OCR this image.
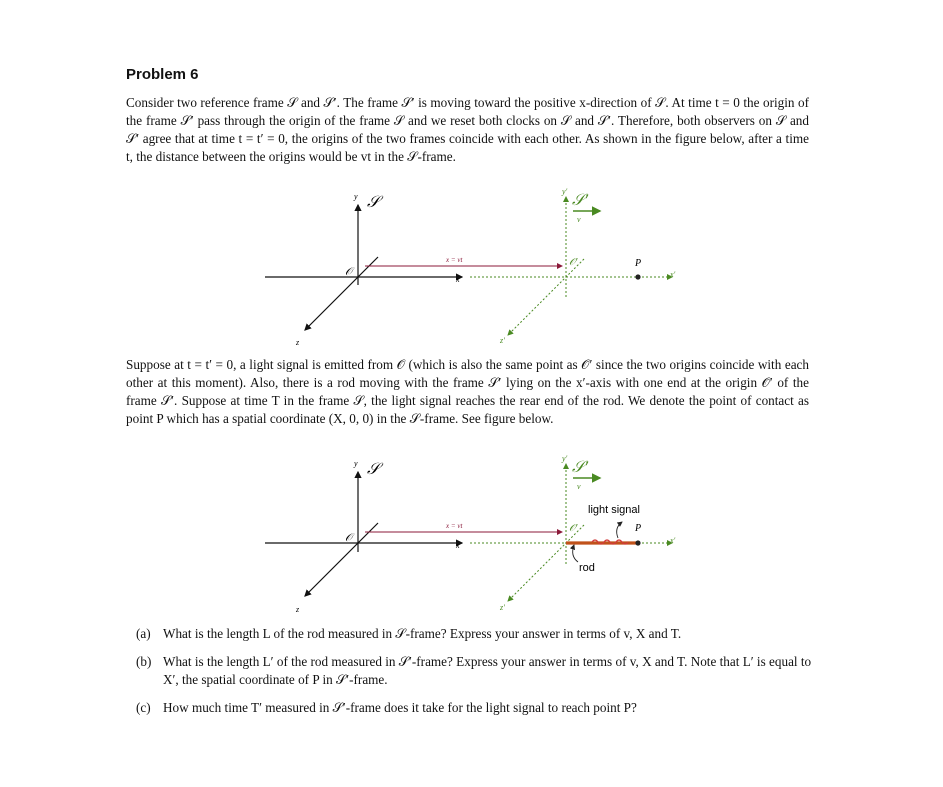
Problem 6
Consider two reference frame 𝒮 and 𝒮′. The frame 𝒮′ is moving toward the positive x-direction of 𝒮. At time t = 0 the origin of the frame 𝒮′ pass through the origin of the frame 𝒮 and we reset both clocks on 𝒮 and 𝒮′. Therefore, both observers on 𝒮 and 𝒮′ agree that at time t = t′ = 0, the origins of the two frames coincide with each other. As shown in the figure below, after a time t, the distance between the origins would be vt in the 𝒮-frame.
𝒮
y
𝒪
x
z
x = vt
𝒮′
y′
v
𝒪′
x′
z′
P
Suppose at t = t′ = 0, a light signal is emitted from 𝒪 (which is also the same point as 𝒪′ since the two origins coincide with each other at this moment). Also, there is a rod moving with the frame 𝒮′ lying on the x′-axis with one end at the origin 𝒪′ of the frame 𝒮′. Suppose at time T in the frame 𝒮, the light signal reaches the rear end of the rod. We denote the point of contact as point P which has a spatial coordinate (X, 0, 0) in the 𝒮-frame. See figure below.
𝒮
y
𝒪
x
z
x = vt
𝒮′
y′
v
𝒪′
x′
z′
P
light signal
rod
(a) What is the length L of the rod measured in 𝒮-frame? Express your answer in terms of v, X and T.
(b) What is the length L′ of the rod measured in 𝒮′-frame? Express your answer in terms of v, X and T. Note that L′ is equal to X′, the spatial coordinate of P in 𝒮′-frame.
(c) How much time T′ measured in 𝒮′-frame does it take for the light signal to reach point P?
